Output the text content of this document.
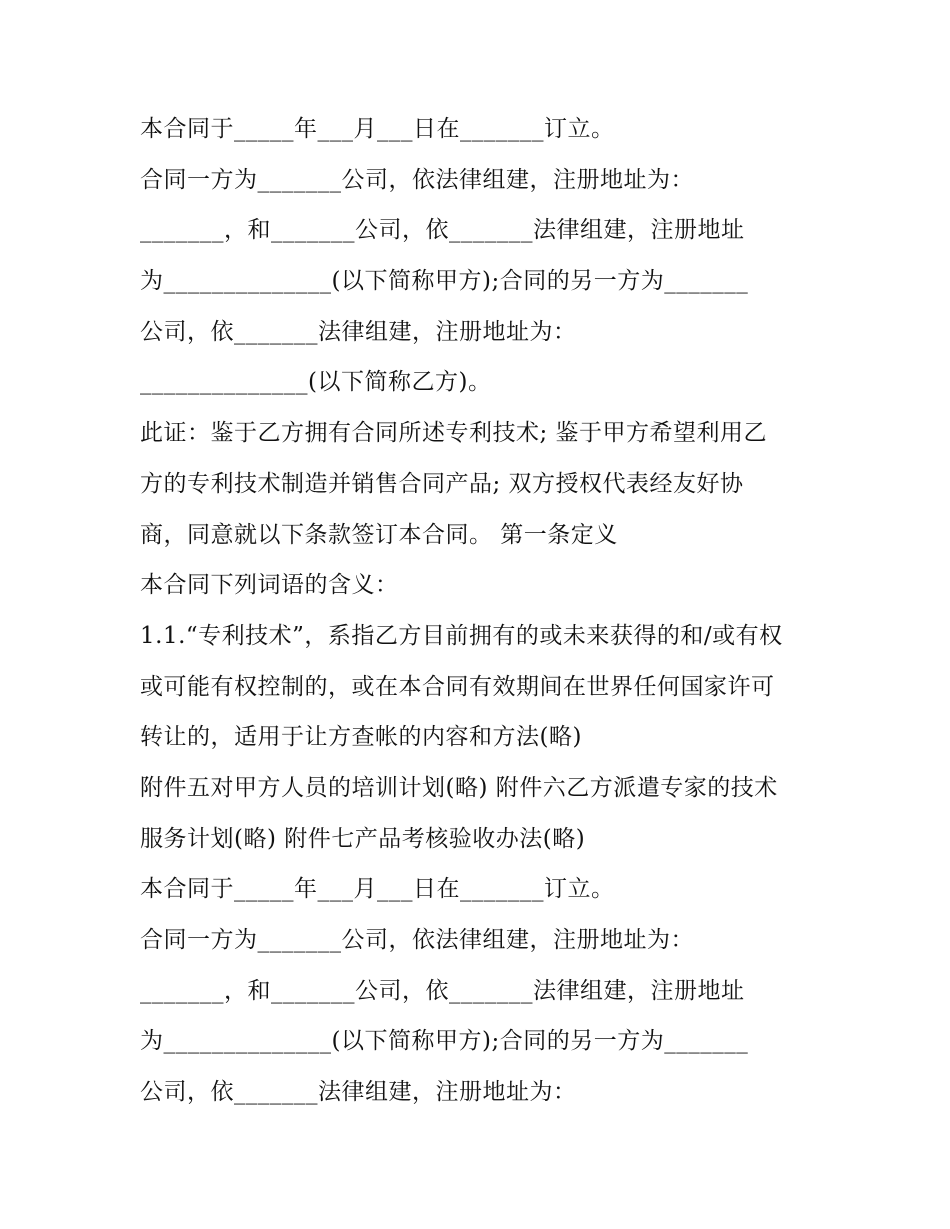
本合同于_____年___月___日在_______订立。
合同一方为_______公司，依法律组建，注册地址为：
_______，和_______公司，依_______法律组建，注册地址
为______________(以下简称甲方);合同的另一方为_______
公司，依_______法律组建，注册地址为：
______________(以下简称乙方)。
此证：鉴于乙方拥有合同所述专利技术; 鉴于甲方希望利用乙
方的专利技术制造并销售合同产品; 双方授权代表经友好协
商，同意就以下条款签订本合同。 第一条定义
本合同下列词语的含义：
1.1.“专利技术”，系指乙方目前拥有的或未来获得的和/或有权
或可能有权控制的，或在本合同有效期间在世界任何国家许可
转让的，适用于让方查帐的内容和方法(略)
附件五对甲方人员的培训计划(略) 附件六乙方派遣专家的技术
服务计划(略) 附件七产品考核验收办法(略)
本合同于_____年___月___日在_______订立。
合同一方为_______公司，依法律组建，注册地址为：
_______，和_______公司，依_______法律组建，注册地址
为______________(以下简称甲方);合同的另一方为_______
公司，依_______法律组建，注册地址为：
